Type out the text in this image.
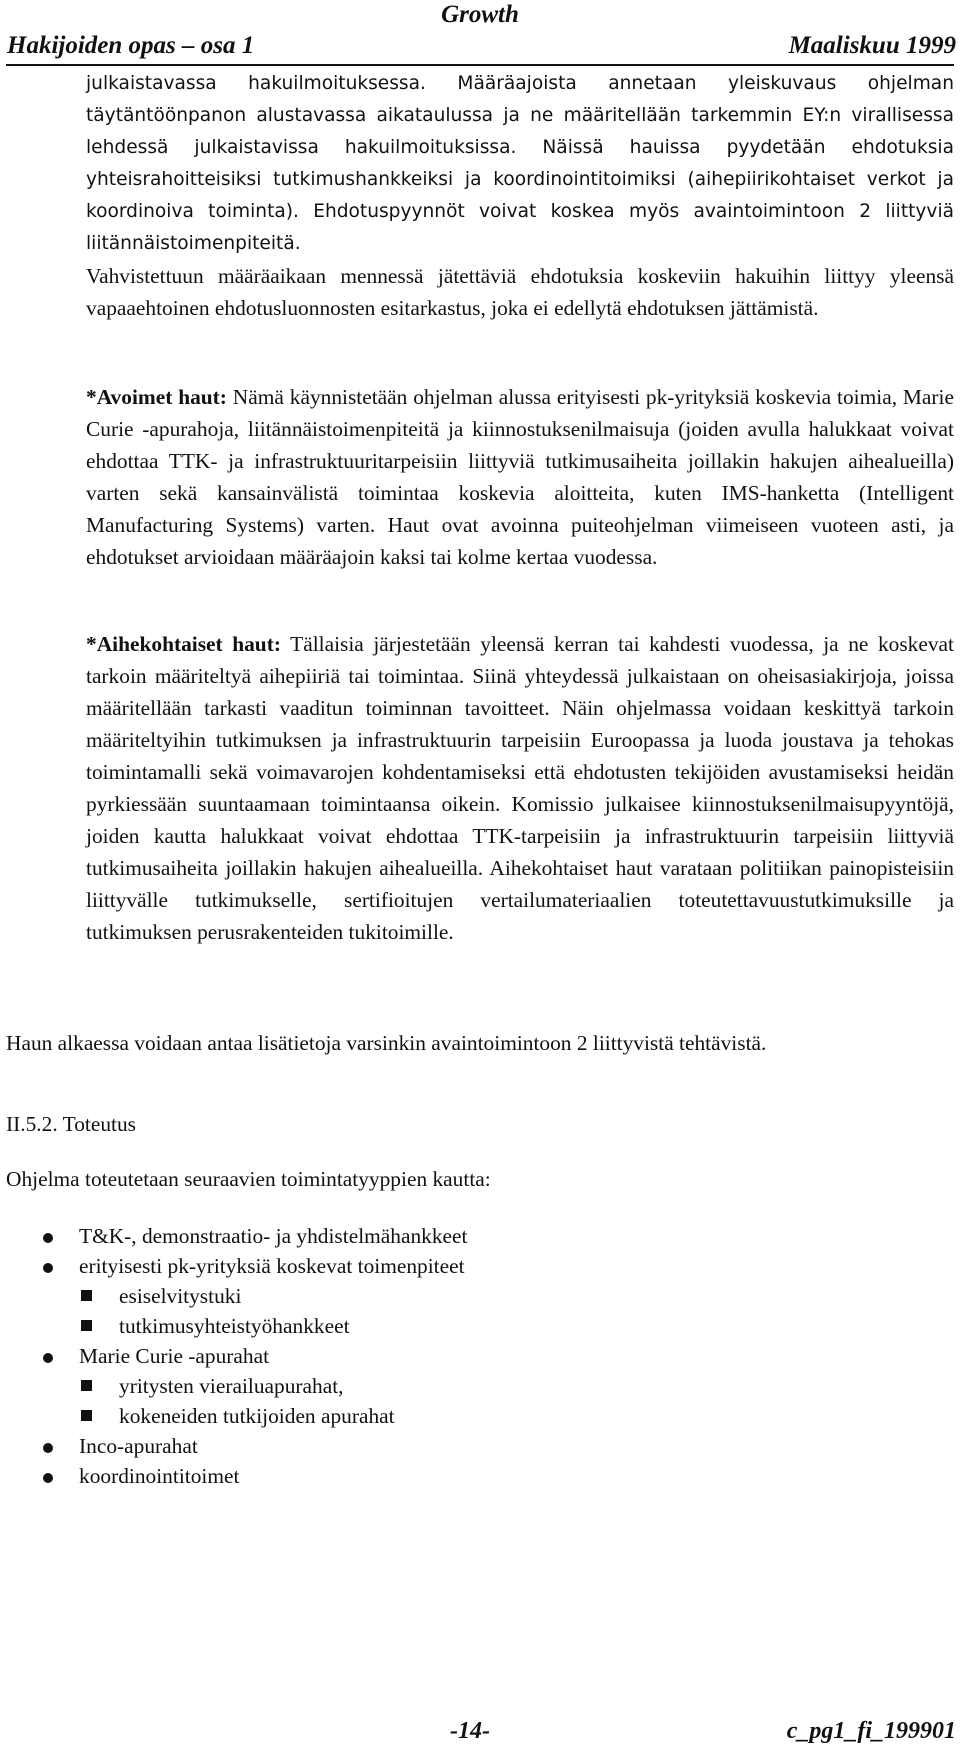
Growth
Hakijoiden opas – osa 1	Maaliskuu 1999

julkaistavassa hakuilmoituksessa. Määräajoista annetaan yleiskuvaus ohjelman täytäntöönpanon alustavassa aikataulussa ja ne määritellään tarkemmin EY:n virallisessa lehdessä julkaistavissa hakuilmoituksissa. Näissä hauissa pyydetään ehdotuksia yhteisrahoitteisiksi tutkimushankkeiksi ja koordinointitoimiksi (aihepiirikohtaiset verkot ja koordinoiva toiminta). Ehdotuspyynnöt voivat koskea myös avaintoimintoon 2 liittyviä liitännäistoimenpiteitä.

Vahvistettuun määräaikaan mennessä jätettäviä ehdotuksia koskeviin hakuihin liittyy yleensä vapaaehtoinen ehdotusluonnosten esitarkastus, joka ei edellytä ehdotuksen jättämistä.

*Avoimet haut: Nämä käynnistetään ohjelman alussa erityisesti pk-yrityksiä koskevia toimia, Marie Curie -apurahoja, liitännäistoimenpiteitä ja kiinnostuksenilmaisuja (joiden avulla halukkaat voivat ehdottaa TTK- ja infrastruktuuritarpeisiin liittyviä tutkimusaiheita joillakin hakujen aihealueilla) varten sekä kansainvälistä toimintaa koskevia aloitteita, kuten IMS-hanketta (Intelligent Manufacturing Systems) varten. Haut ovat avoinna puiteohjelman viimeiseen vuoteen asti, ja ehdotukset arvioidaan määräajoin kaksi tai kolme kertaa vuodessa.

*Aihekohtaiset haut: Tällaisia järjestetään yleensä kerran tai kahdesti vuodessa, ja ne koskevat tarkoin määriteltyä aihepiiriä tai toimintaa. Siinä yhteydessä julkaistaan on oheisasiakirjoja, joissa määritellään tarkasti vaaditun toiminnan tavoitteet. Näin ohjelmassa voidaan keskittyä tarkoin määriteltyihin tutkimuksen ja infrastruktuurin tarpeisiin Euroopassa ja luoda joustava ja tehokas toimintamalli sekä voimavarojen kohdentamiseksi että ehdotusten tekijöiden avustamiseksi heidän pyrkiessään suuntaamaan toimintaansa oikein. Komissio julkaisee kiinnostuksenilmaisupyyntöjä, joiden kautta halukkaat voivat ehdottaa TTK-tarpeisiin ja infrastruktuurin tarpeisiin liittyviä tutkimusaiheita joillakin hakujen aihealueilla. Aihekohtaiset haut varataan politiikan painopisteisiin liittyvälle tutkimukselle, sertifioitujen vertailumateriaalien toteutettavuustutkimuksille ja tutkimuksen perusrakenteiden tukitoimille.

Haun alkaessa voidaan antaa lisätietoja varsinkin avaintoimintoon 2 liittyvistä tehtävistä.

II.5.2. Toteutus
Ohjelma toteutetaan seuraavien toimintatyyppien kautta:
T&K-, demonstraatio- ja yhdistelmähankkeet
erityisesti pk-yrityksiä koskevat toimenpiteet
esiselvitystuki
tutkimusyhteistyöhankkeet
Marie Curie -apurahat
yritysten vierailuapurahat,
kokeneiden tutkijoiden apurahat
Inco-apurahat
koordinointitoimet
-14-	c_pg1_fi_199901
